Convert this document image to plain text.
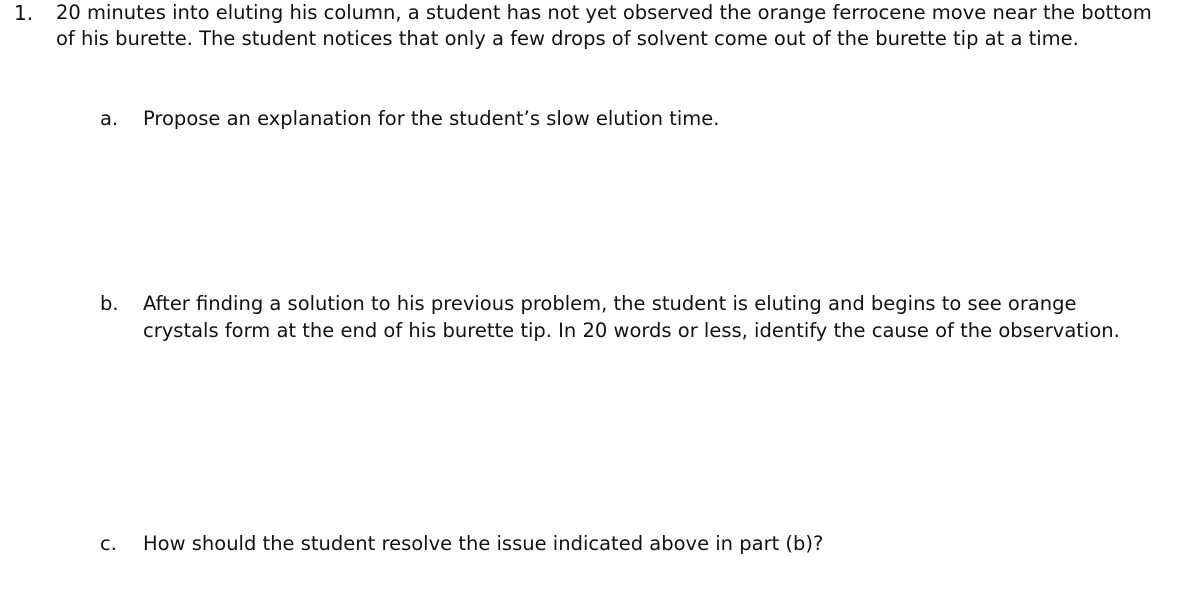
1. 20 minutes into eluting his column, a student has not yet observed the orange ferrocene move near the bottom of his burette. The student notices that only a few drops of solvent come out of the burette tip at a time.
a. Propose an explanation for the student’s slow elution time.
b. After finding a solution to his previous problem, the student is eluting and begins to see orange crystals form at the end of his burette tip. In 20 words or less, identify the cause of the observation.
c. How should the student resolve the issue indicated above in part (b)?
